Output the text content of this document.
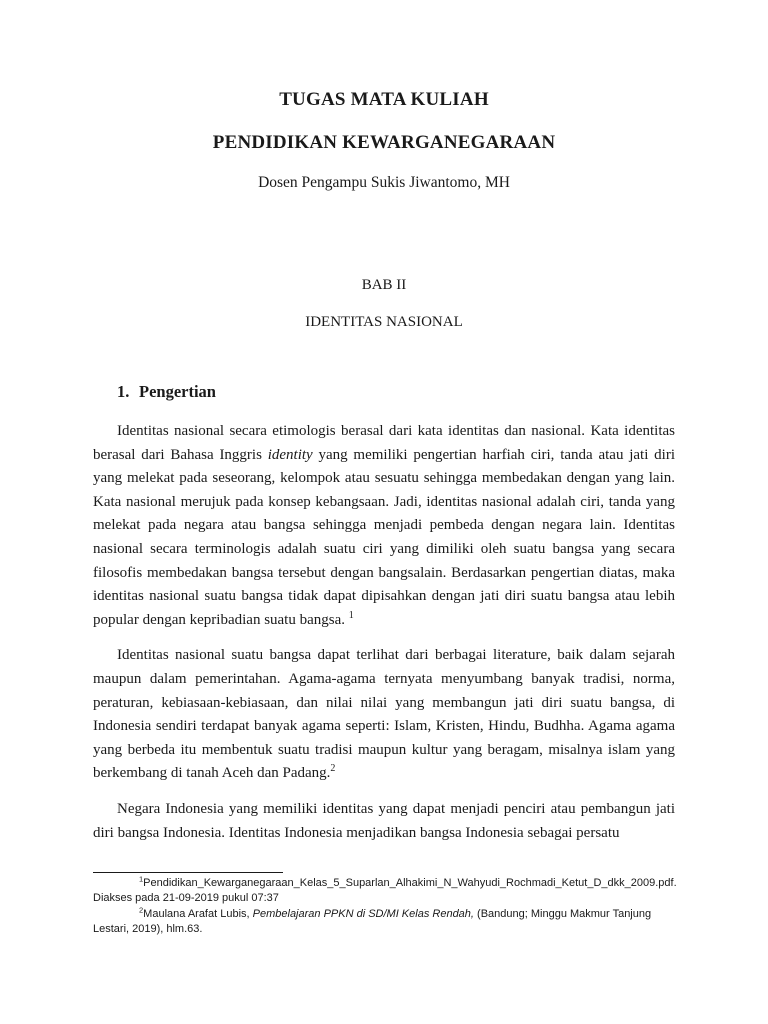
TUGAS MATA KULIAH
PENDIDIKAN KEWARGANEGARAAN
Dosen Pengampu Sukis Jiwantomo, MH
BAB II
IDENTITAS NASIONAL
1. Pengertian

Identitas nasional secara etimologis berasal dari kata identitas dan nasional. Kata identitas berasal dari Bahasa Inggris identity yang memiliki pengertian harfiah ciri, tanda atau jati diri yang melekat pada seseorang, kelompok atau sesuatu sehingga membedakan dengan yang lain. Kata nasional merujuk pada konsep kebangsaan. Jadi, identitas nasional adalah ciri, tanda yang melekat pada negara atau bangsa sehingga menjadi pembeda dengan negara lain. Identitas nasional secara terminologis adalah suatu ciri yang dimiliki oleh suatu bangsa yang secara filosofis membedakan bangsa tersebut dengan bangsalain. Berdasarkan pengertian diatas, maka identitas nasional suatu bangsa tidak dapat dipisahkan dengan jati diri suatu bangsa atau lebih popular dengan kepribadian suatu bangsa. $^1$

Identitas nasional suatu bangsa dapat terlihat dari berbagai literature, baik dalam sejarah maupun dalam pemerintahan. Agama-agama ternyata menyumbang banyak tradisi, norma, peraturan, kebiasaan-kebiasaan, dan nilai nilai yang membangun jati diri suatu bangsa, di Indonesia sendiri terdapat banyak agama seperti: Islam, Kristen, Hindu, Budhha. Agama agama yang berbeda itu membentuk suatu tradisi maupun kultur yang beragam, misalnya islam yang berkembang di tanah Aceh dan Padang.$^2$

Negara Indonesia yang memiliki identitas yang dapat menjadi penciri atau pembangun jati diri bangsa Indonesia. Identitas Indonesia menjadikan bangsa Indonesia sebagai persatu

$^1$Pendidikan_Kewarganegaraan_Kelas_5_Suparlan_Alhakimi_N_Wahyudi_Rochmadi_Ketut_D_dkk_2009.pdf. Diakses pada 21-09-2019 pukul 07:37

$^2$Maulana Arafat Lubis, Pembelajaran PPKN di SD/MI Kelas Rendah, (Bandung; Minggu Makmur Tanjung Lestari, 2019), hlm.63.
